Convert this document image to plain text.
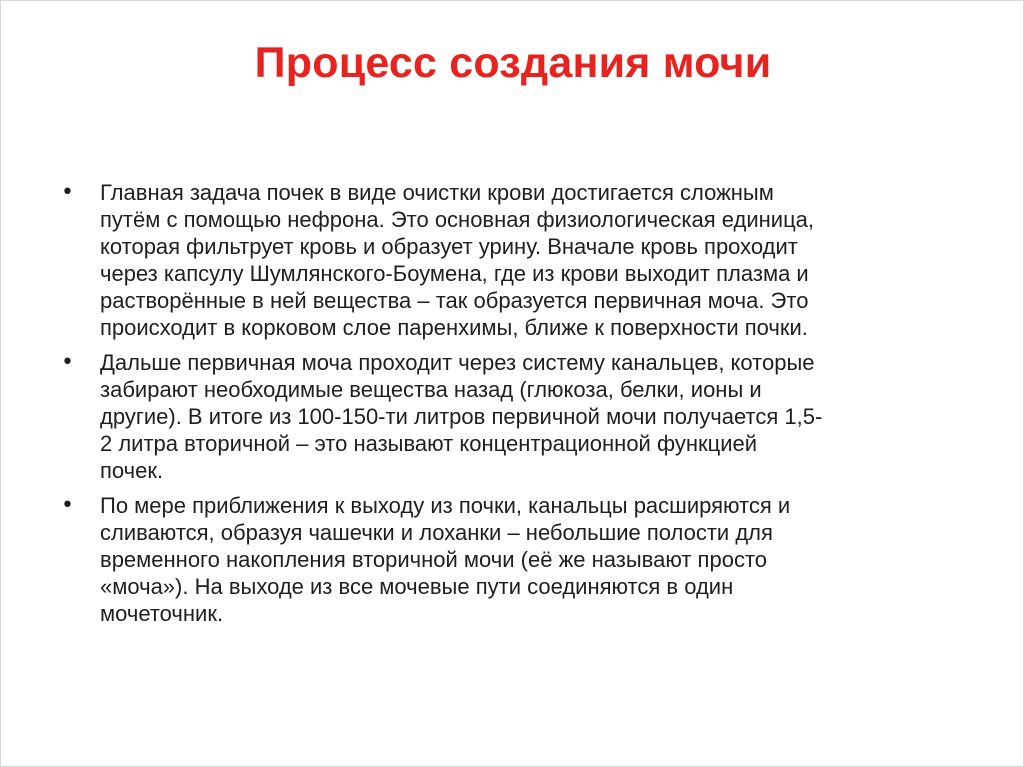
Процесс создания мочи
•	Главная задача почек в виде очистки крови достигается сложным
путём с помощью нефрона. Это основная физиологическая единица,
которая фильтрует кровь и образует урину. Вначале кровь проходит
через капсулу Шумлянского-Боумена, где из крови выходит плазма и
растворённые в ней вещества – так образуется первичная моча. Это
происходит в корковом слое паренхимы, ближе к поверхности почки.
•	Дальше первичная моча проходит через систему канальцев, которые
забирают необходимые вещества назад (глюкоза, белки, ионы и
другие). В итоге из 100-150-ти литров первичной мочи получается 1,5-
2 литра вторичной – это называют концентрационной функцией
почек.
•	По мере приближения к выходу из почки, канальцы расширяются и
сливаются, образуя чашечки и лоханки – небольшие полости для
временного накопления вторичной мочи (её же называют просто
«моча»). На выходе из все мочевые пути соединяются в один
мочеточник.
